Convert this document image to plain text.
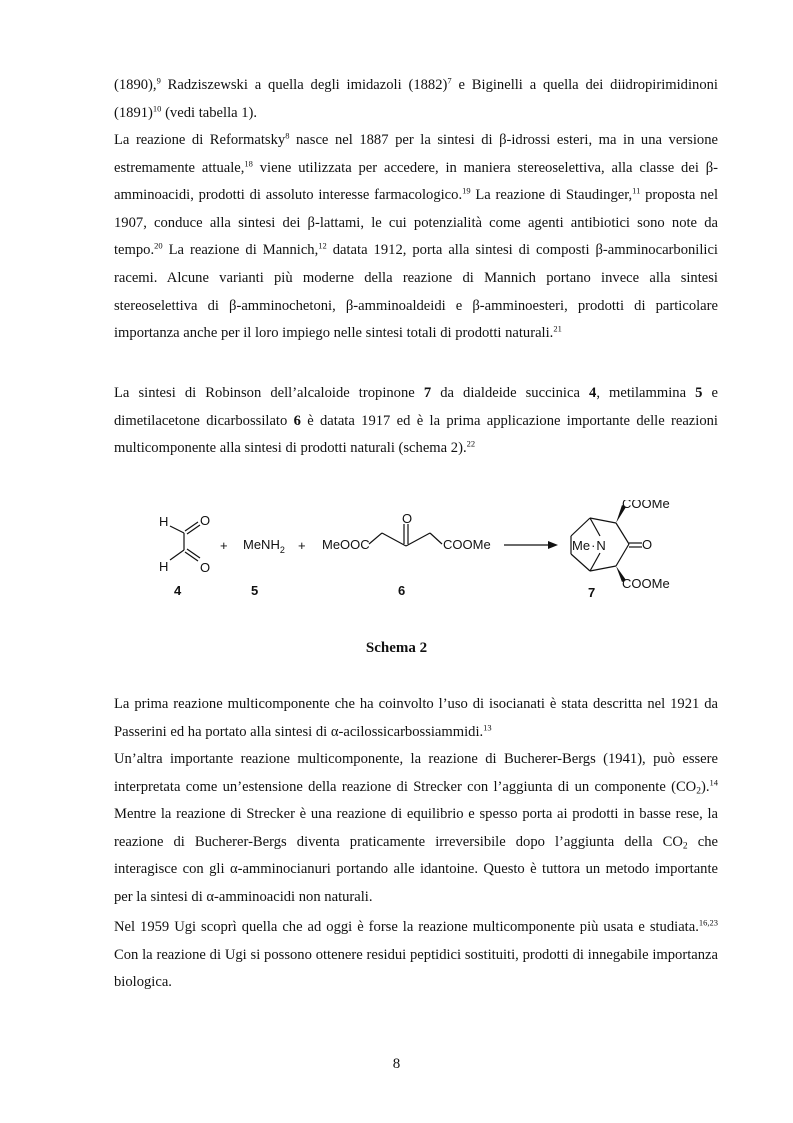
(1890),$^9$ Radziszewski a quella degli imidazoli $(1882)^7$ e Biginelli a quella dei diidropirimidinoni $(1891)^{10}$ (vedi tabella 1).

La reazione di Reformatsky$^8$ nasce nel 1887 per la sintesi di β-idrossi esteri, ma in una versione estremamente attuale,$^{18}$ viene utilizzata per accedere, in maniera stereoselettiva, alla classe dei β-amminoacidi, prodotti di assoluto interesse farmacologico.$^{19}$ La reazione di Staudinger,$^{11}$ proposta nel 1907, conduce alla sintesi dei β-lattami, le cui potenzialità come agenti antibiotici sono note da tempo.$^{20}$ La reazione di Mannich,$^{12}$ datata 1912, porta alla sintesi di composti β-amminocarbonilici racemi. Alcune varianti più moderne della reazione di Mannich portano invece alla sintesi stereoselettiva di β-amminochetoni, β-amminoaldeidi e β-amminoesteri, prodotti di particolare importanza anche per il loro impiego nelle sintesi totali di prodotti naturali.$^{21}$

La sintesi di Robinson dell’alcaloide tropinone 7 da dialdeide succinica 4, metilammina 5 e dimetilacetone dicarbossilato 6 è datata 1917 ed è la prima applicazione importante delle reazioni multicomponente alla sintesi di prodotti naturali (schema 2).$^{22}$

H
H
O
O
+ MeNH$_2$ + MeOOC
O
COOMe	Me·N	O
COOMe
COOMe
4	5	6	7
Schema 2

La prima reazione multicomponente che ha coinvolto l’uso di isocianati è stata descritta nel 1921 da Passerini ed ha portato alla sintesi di α-acilossicarbossiammidi.$^{13}$

Un’altra importante reazione multicomponente, la reazione di Bucherer-Bergs (1941), può essere interpretata come un’estensione della reazione di Strecker con l’aggiunta di un componente $(CO_2).^{14}$ Mentre la reazione di Strecker è una reazione di equilibrio e spesso porta ai prodotti in basse rese, la reazione di Bucherer-Bergs diventa praticamente irreversibile dopo l’aggiunta della $CO_2$ che interagisce con gli α-amminocianuri portando alle idantoine. Questo è tuttora un metodo importante per la sintesi di α-amminoacidi non naturali.

Nel 1959 Ugi scoprì quella che ad oggi è forse la reazione multicomponente più usata e studiata.$^{16,23}$ Con la reazione di Ugi si possono ottenere residui peptidici sostituiti, prodotti di innegabile importanza biologica.

8
